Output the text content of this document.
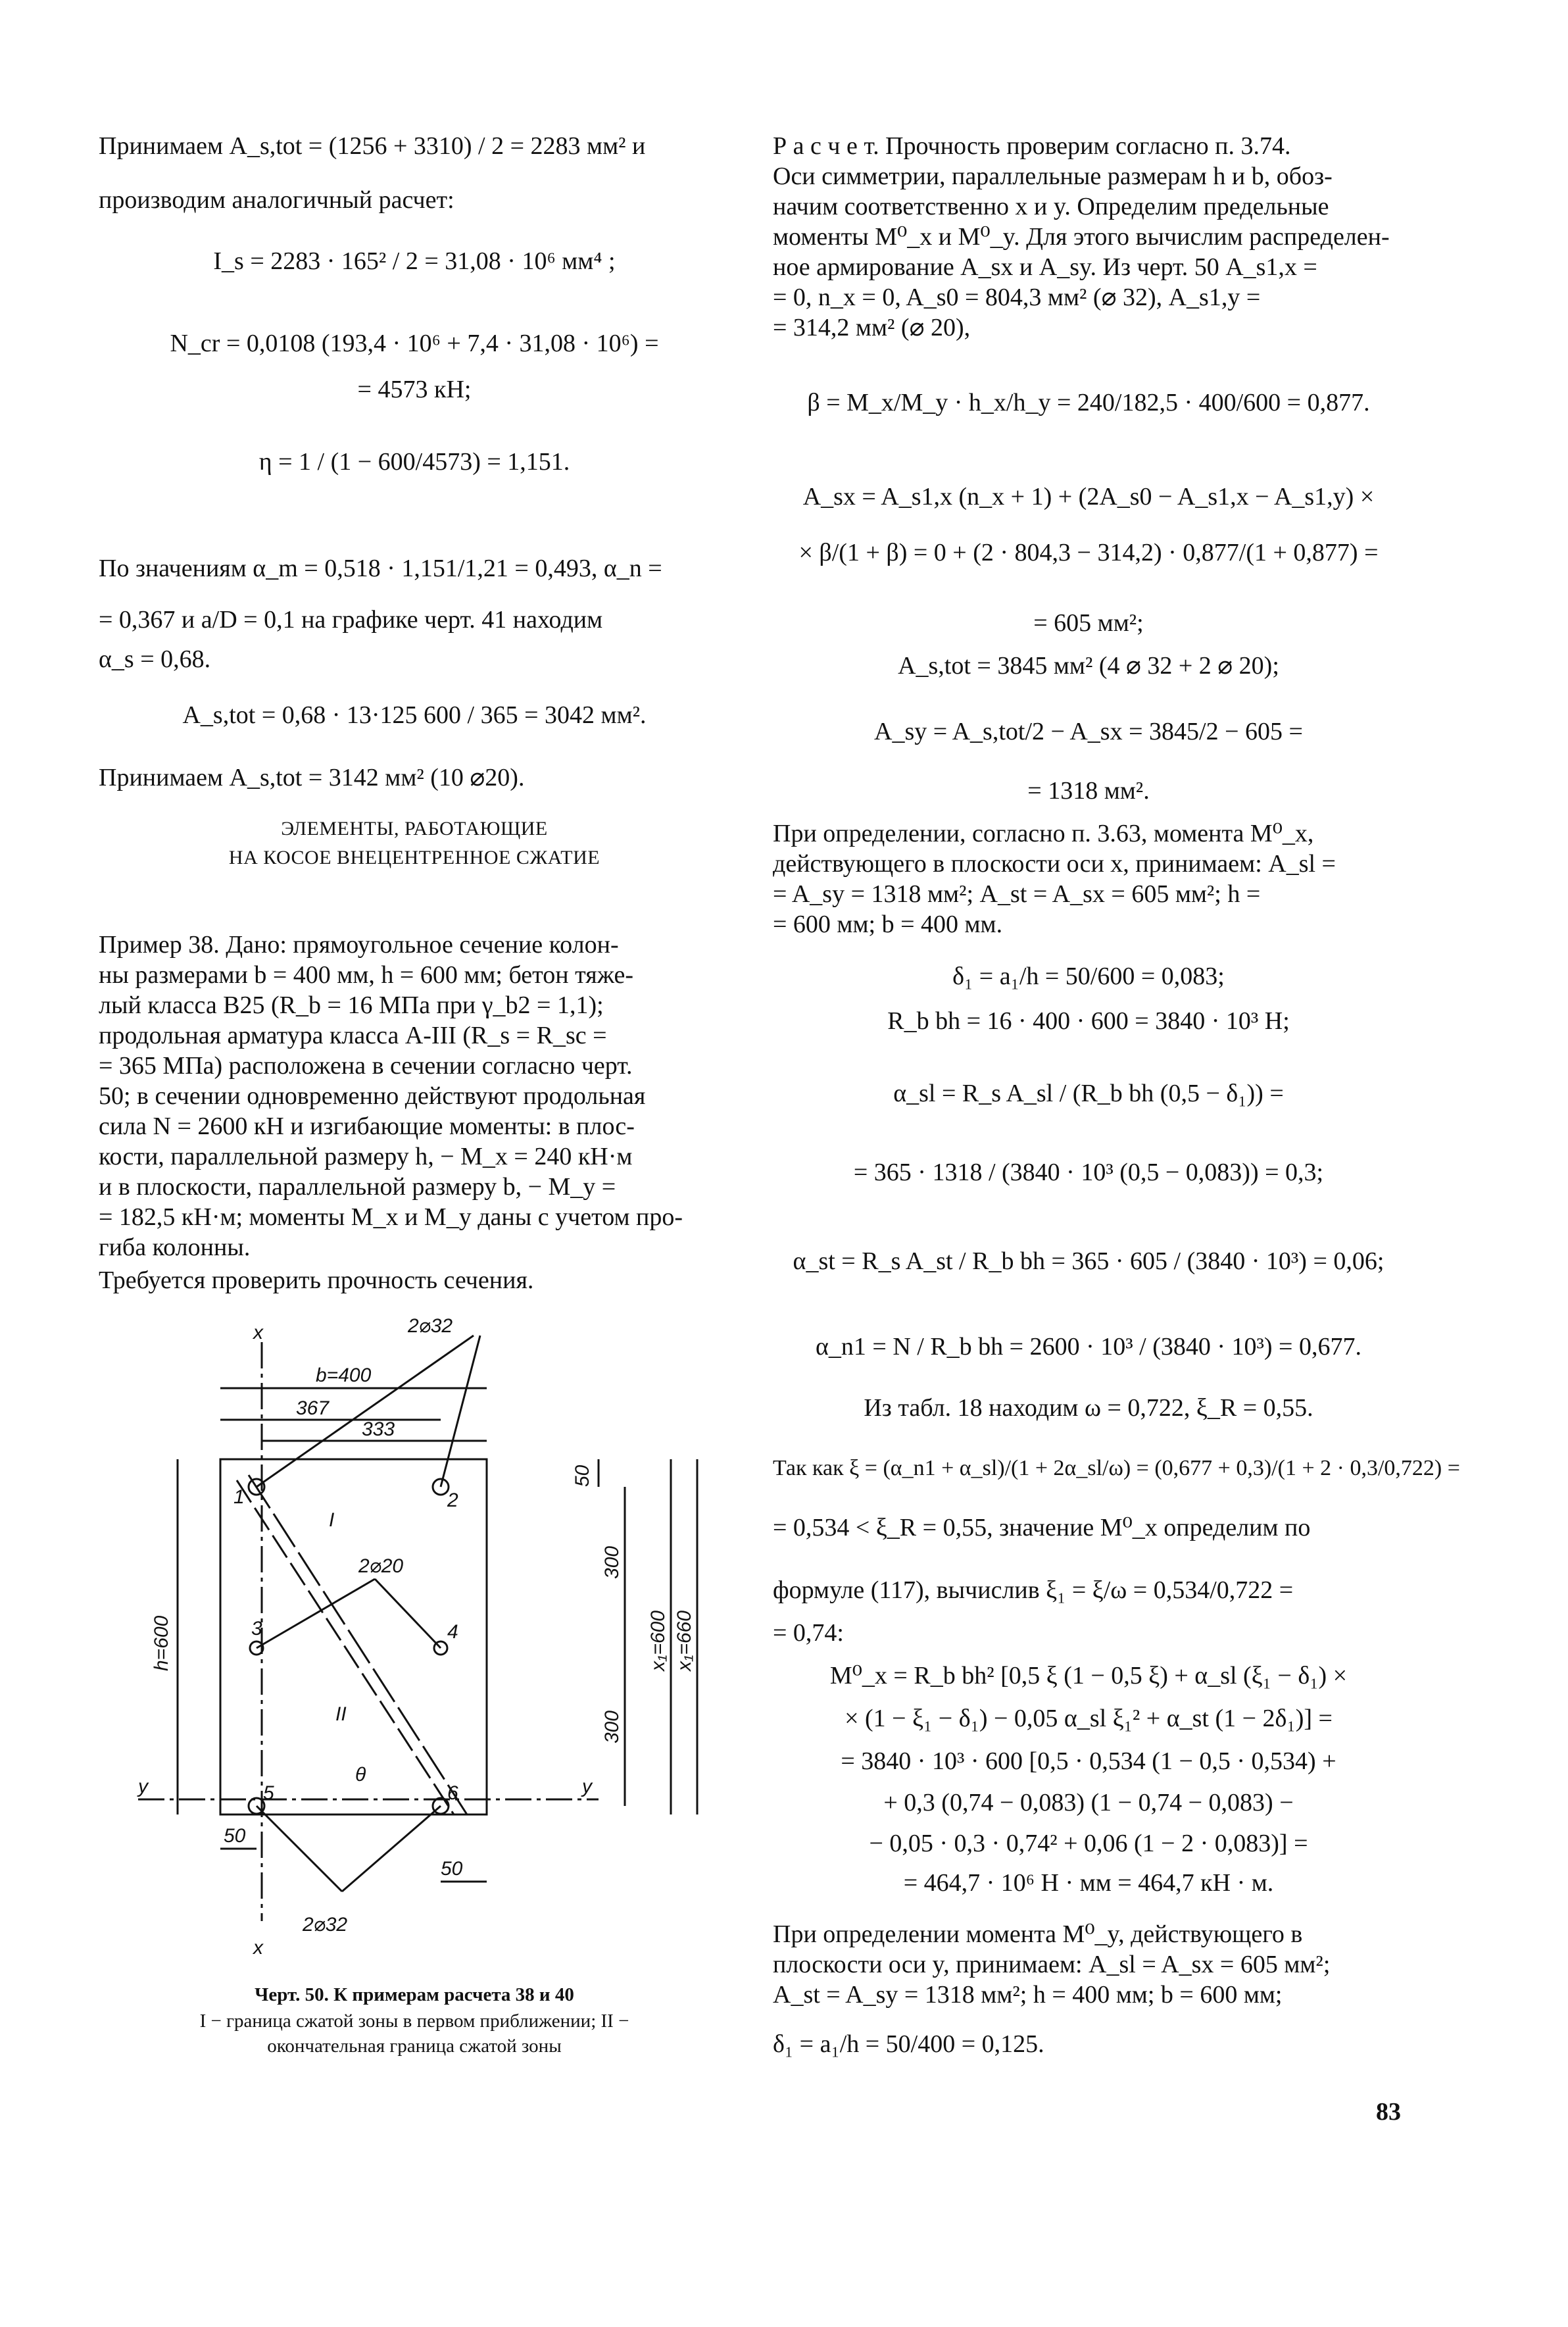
Принимаем A_s,tot = (1256 + 3310) / 2 = 2283 мм² и
производим аналогичный расчет:
I_s = 2283 · 165² / 2 = 31,08 · 10⁶ мм⁴ ;
N_cr = 0,0108 (193,4 · 10⁶ + 7,4 · 31,08 · 10⁶) =
= 4573 кН;
η = 1 / (1 − 600/4573) = 1,151.
По значениям α_m = 0,518 · 1,151/1,21 = 0,493, α_n =
= 0,367 и a/D = 0,1 на графике черт. 41 находим
α_s = 0,68.
A_s,tot = 0,68 · 13·125 600 / 365 = 3042 мм².
Принимаем A_s,tot = 3142 мм² (10 ⌀20).
ЭЛЕМЕНТЫ, РАБОТАЮЩИЕ
НА КОСОЕ ВНЕЦЕНТРЕННОЕ СЖАТИЕ
Пример 38. Дано: прямоугольное сечение колон-
ны размерами b = 400 мм, h = 600 мм; бетон тяже-
лый класса В25 (R_b = 16 МПа при γ_b2 = 1,1);
продольная арматура класса А-III (R_s = R_sc =
= 365 МПа) расположена в сечении согласно черт.
50; в сечении одновременно действуют продольная
сила N = 2600 кН и изгибающие моменты: в плос-
кости, параллельной размеру h, − M_x = 240 кН·м
и в плоскости, параллельной размеру b, − M_y =
= 182,5 кН·м; моменты M_x и M_y даны с учетом про-
гиба колонны.
Требуется проверить прочность сечения.
2⌀32
2⌀32
2⌀20
b=400
367
333
h=600
300
300
x₁=600 x₁=660
50
50
50
x
x
y	y
1	2
3	4
5	6
I
II
θ
Черт. 50. К примерам расчета 38 и 40
I − граница сжатой зоны в первом приближении; II −
окончательная граница сжатой зоны
Р а с ч е т. Прочность проверим согласно п. 3.74.
Оси симметрии, параллельные размерам h и b, обоз-
начим соответственно x и y. Определим предельные
моменты M⁰_x и M⁰_y. Для этого вычислим распределен-
ное армирование A_sx и A_sy. Из черт. 50 A_s1,x =
= 0, n_x = 0, A_s0 = 804,3 мм² (⌀ 32), A_s1,y =
= 314,2 мм² (⌀ 20),
β = M_x/M_y · h_x/h_y = 240/182,5 · 400/600 = 0,877.
A_sx = A_s1,x (n_x + 1) + (2A_s0 − A_s1,x − A_s1,y) ×
× β/(1 + β) = 0 + (2 · 804,3 − 314,2) · 0,877/(1 + 0,877) =
= 605 мм²;
A_s,tot = 3845 мм² (4 ⌀ 32 + 2 ⌀ 20);
A_sy = A_s,tot/2 − A_sx = 3845/2 − 605 =
= 1318 мм².
При определении, согласно п. 3.63, момента M⁰_x,
действующего в плоскости оси x, принимаем: A_sl =
= A_sy = 1318 мм²; A_st = A_sx = 605 мм²; h =
= 600 мм; b = 400 мм.
δ₁ = a₁/h = 50/600 = 0,083;
R_b bh = 16 · 400 · 600 = 3840 · 10³ Н;
α_sl = R_s A_sl / (R_b bh (0,5 − δ₁)) =
= 365 · 1318 / (3840 · 10³ (0,5 − 0,083)) = 0,3;
α_st = R_s A_st / R_b bh = 365 · 605 / (3840 · 10³) = 0,06;
α_n1 = N / R_b bh = 2600 · 10³ / (3840 · 10³) = 0,677.
Из табл. 18 находим ω = 0,722, ξ_R = 0,55.
Так как ξ = (α_n1 + α_sl)/(1 + 2α_sl/ω) = (0,677 + 0,3)/(1 + 2 · 0,3/0,722) =
= 0,534 < ξ_R = 0,55, значение M⁰_x определим по
формуле (117), вычислив ξ₁ = ξ/ω = 0,534/0,722 =
= 0,74:
M⁰_x = R_b bh² [0,5 ξ (1 − 0,5 ξ) + α_sl (ξ₁ − δ₁) ×
× (1 − ξ₁ − δ₁) − 0,05 α_sl ξ₁² + α_st (1 − 2δ₁)] =
= 3840 · 10³ · 600 [0,5 · 0,534 (1 − 0,5 · 0,534) +
+ 0,3 (0,74 − 0,083) (1 − 0,74 − 0,083) −
− 0,05 · 0,3 · 0,74² + 0,06 (1 − 2 · 0,083)] =
= 464,7 · 10⁶ Н · мм = 464,7 кН · м.
При определении момента M⁰_y, действующего в
плоскости оси y, принимаем: A_sl = A_sx = 605 мм²;
A_st = A_sy = 1318 мм²; h = 400 мм; b = 600 мм;
δ₁ = a₁/h = 50/400 = 0,125.
83
